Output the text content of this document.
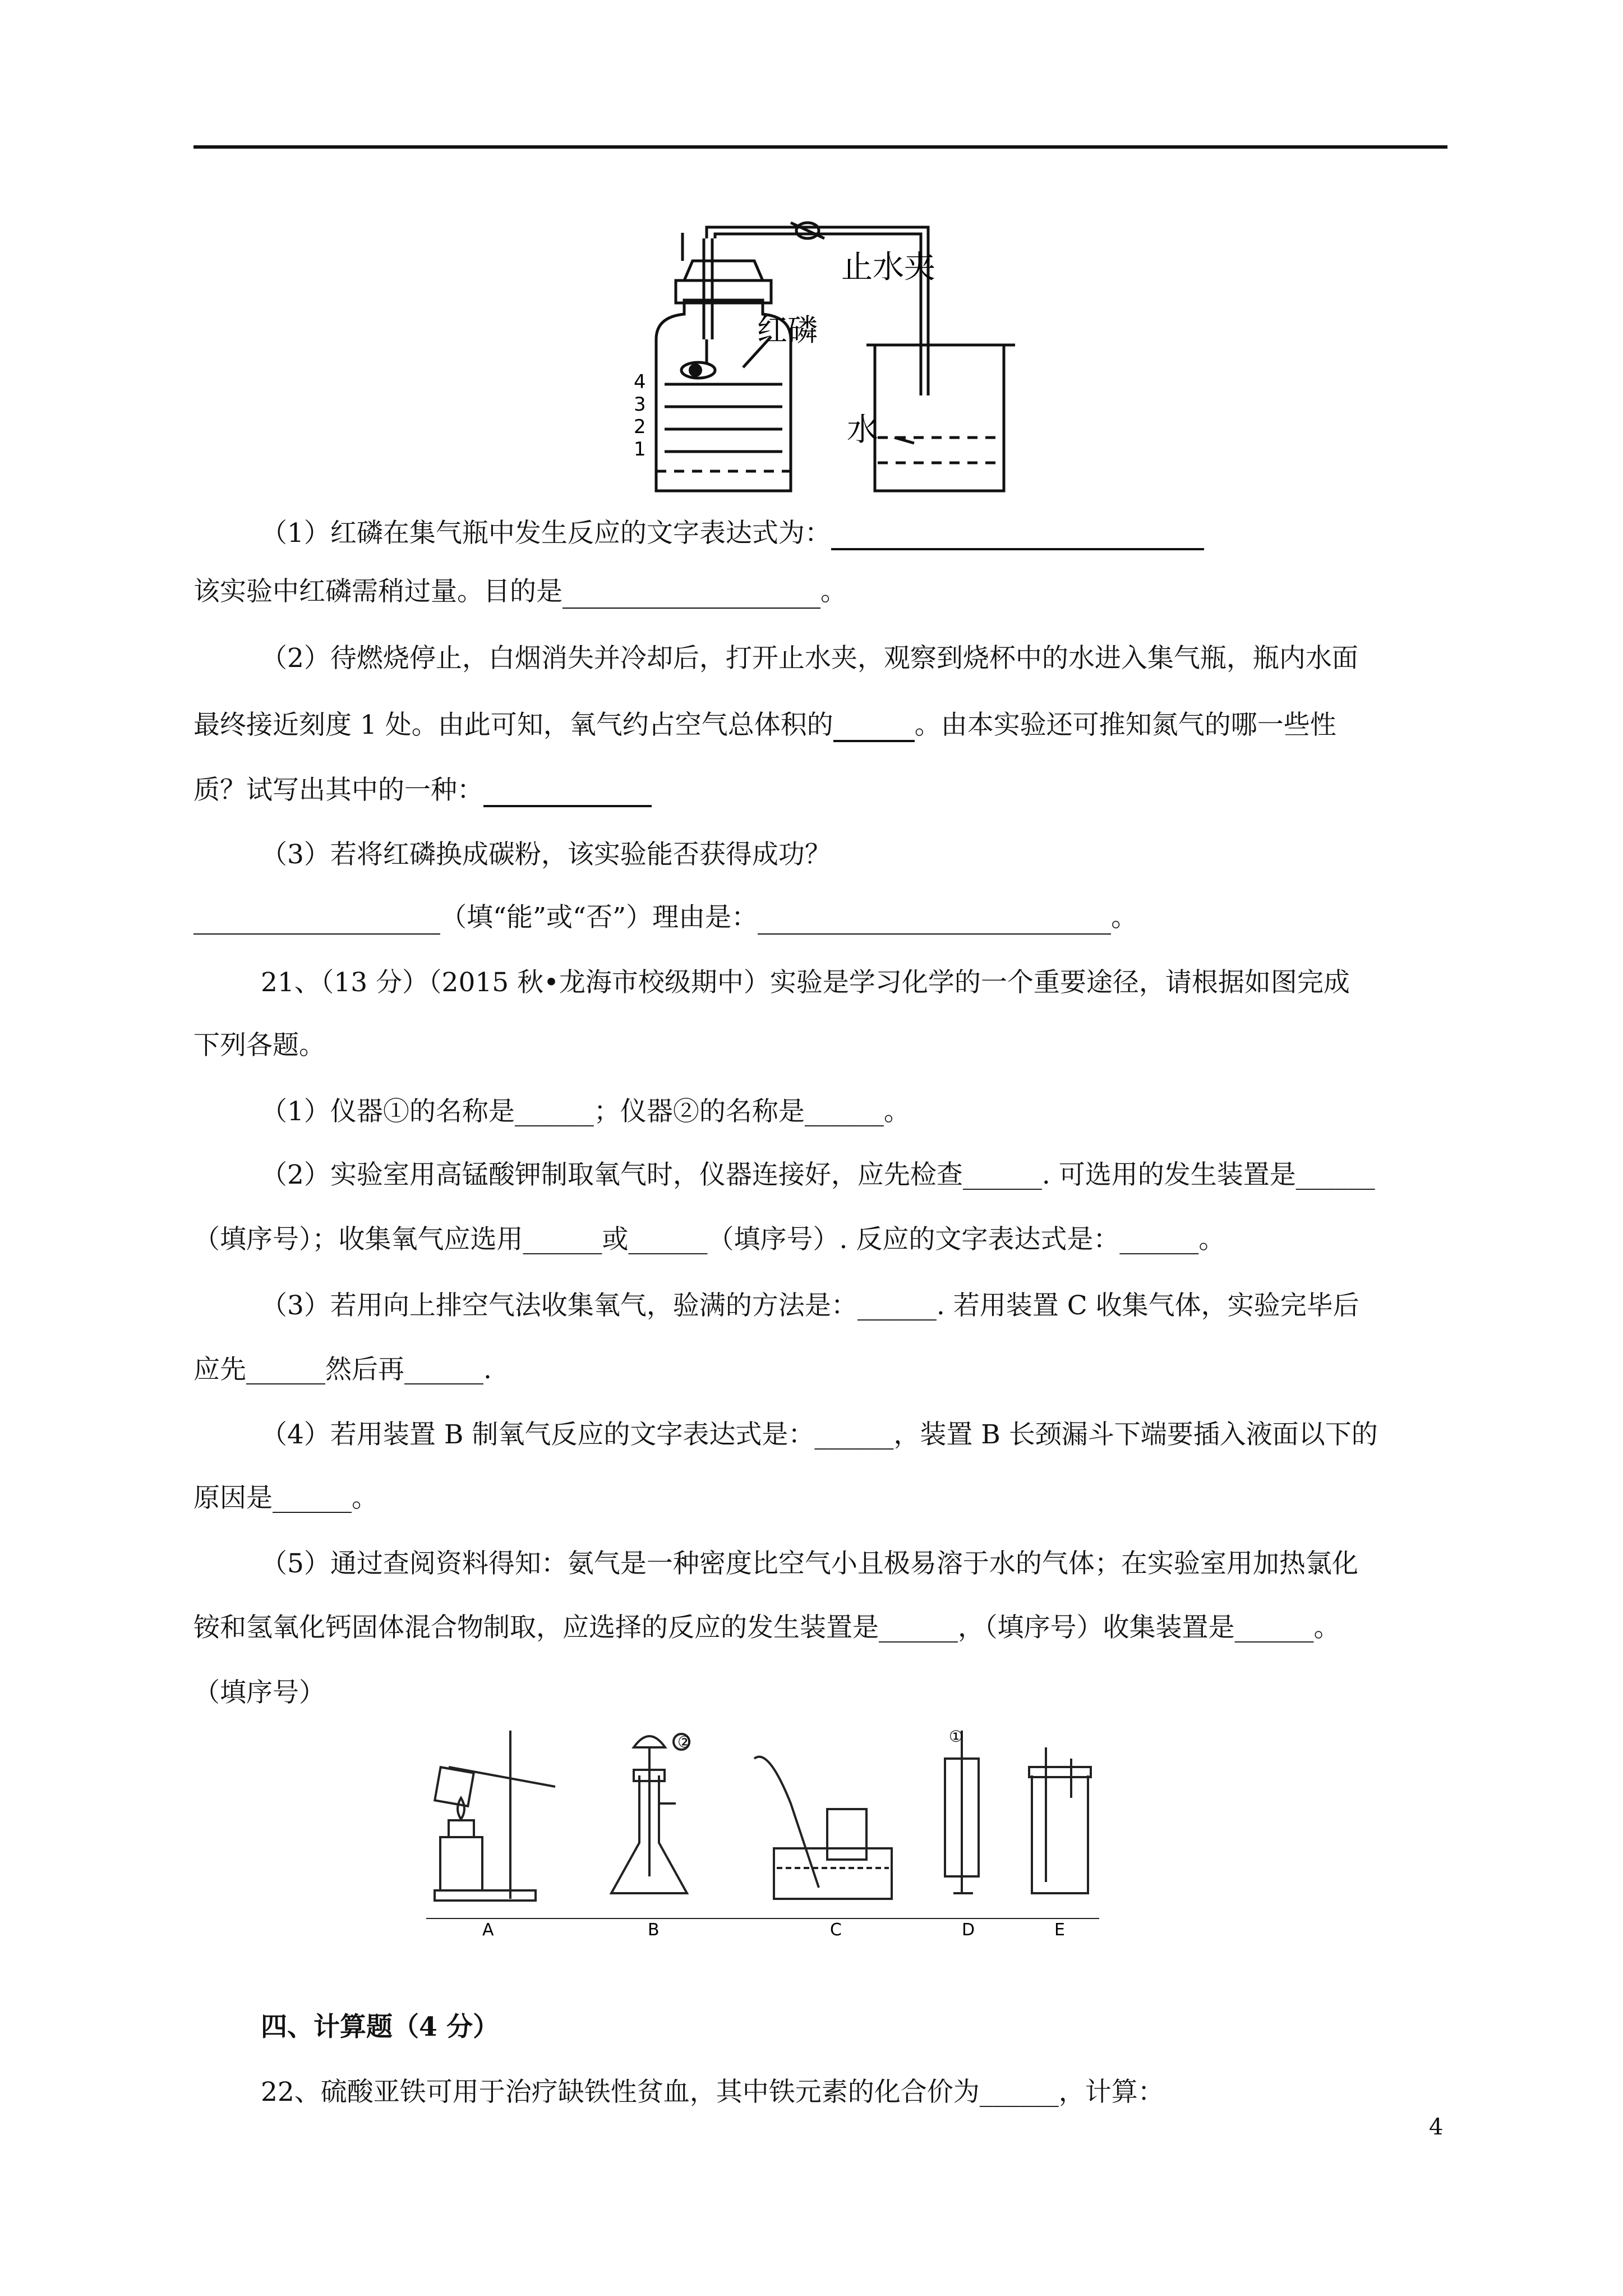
红磷
止水夹
水
4
3
2
1
（1）红磷在集气瓶中发生反应的文字表达式为：
该实验中红磷需稍过量。目的是	。
（2）待燃烧停止，白烟消失并冷却后，打开止水夹，观察到烧杯中的水进入集气瓶，瓶内水面
最终接近刻度 1 处。由此可知，氧气约占空气总体积的	。由本实验还可推知氮气的哪一些性
质？试写出其中的一种：
（3）若将红磷换成碳粉，该实验能否获得成功？
（填“能”或“否”）理由是：	。
21、（13 分）（2015 秋•龙海市校级期中）实验是学习化学的一个重要途径，请根据如图完成
下列各题。
（1）仪器①的名称是______；仪器②的名称是______。
（2）实验室用高锰酸钾制取氧气时，仪器连接好，应先检查______. 可选用的发生装置是______
（填序号）；收集氧气应选用______或______（填序号）. 反应的文字表达式是：______。
（3）若用向上排空气法收集氧气，验满的方法是：______. 若用装置 C 收集气体，实验完毕后
应先______然后再______.
（4）若用装置 B 制氧气反应的文字表达式是：______，装置 B 长颈漏斗下端要插入液面以下的
原因是______。
（5）通过查阅资料得知：氨气是一种密度比空气小且极易溶于水的气体；在实验室用加热氯化
铵和氢氧化钙固体混合物制取，应选择的反应的发生装置是______，（填序号）收集装置是______。
（填序号）
②	①
A	B	C	D	E
四、计算题（4 分）
22、硫酸亚铁可用于治疗缺铁性贫血，其中铁元素的化合价为______，计算：
4
